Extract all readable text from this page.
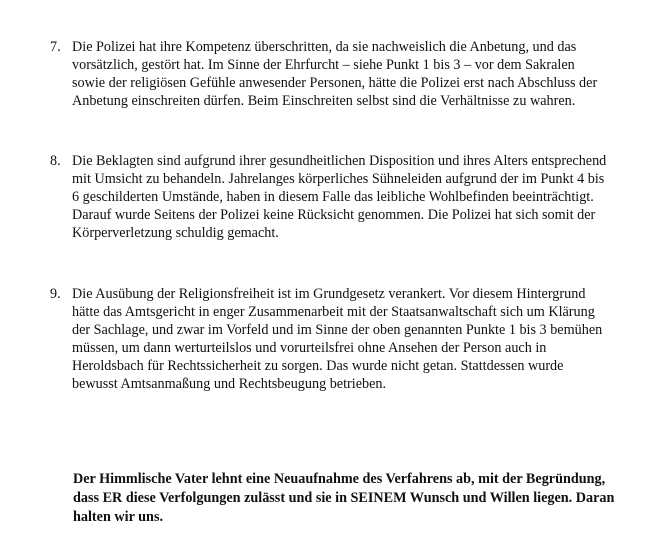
7. Die Polizei hat ihre Kompetenz überschritten, da sie nachweislich die Anbetung, und das vorsätzlich, gestört hat. Im Sinne der Ehrfurcht – siehe Punkt 1 bis 3 – vor dem Sakralen sowie der religiösen Gefühle anwesender Personen, hätte die Polizei erst nach Abschluss der Anbetung einschreiten dürfen. Beim Einschreiten selbst sind die Verhältnisse zu wahren.
8. Die Beklagten sind aufgrund ihrer gesundheitlichen Disposition und ihres Alters entsprechend mit Umsicht zu behandeln. Jahrelanges körperliches Sühneleiden aufgrund der im Punkt 4 bis 6 geschilderten Umstände, haben in diesem Falle das leibliche Wohlbefinden beeinträchtigt. Darauf wurde Seitens der Polizei keine Rücksicht genommen. Die Polizei hat sich somit der Körperverletzung schuldig gemacht.
9. Die Ausübung der Religionsfreiheit ist im Grundgesetz verankert. Vor diesem Hintergrund hätte das Amtsgericht in enger Zusammenarbeit mit der Staatsanwaltschaft sich um Klärung der Sachlage, und zwar im Vorfeld und im Sinne der oben genannten Punkte 1 bis 3 bemühen müssen, um dann werturteilslos und vorurteilsfrei ohne Ansehen der Person auch in Heroldsbach für Rechtssicherheit zu sorgen. Das wurde nicht getan. Stattdessen wurde bewusst Amtsanmaßung und Rechtsbeugung betrieben.

Der Himmlische Vater lehnt eine Neuaufnahme des Verfahrens ab, mit der Begründung, dass ER diese Verfolgungen zulässt und sie in SEINEM Wunsch und Willen liegen. Daran halten wir uns.
